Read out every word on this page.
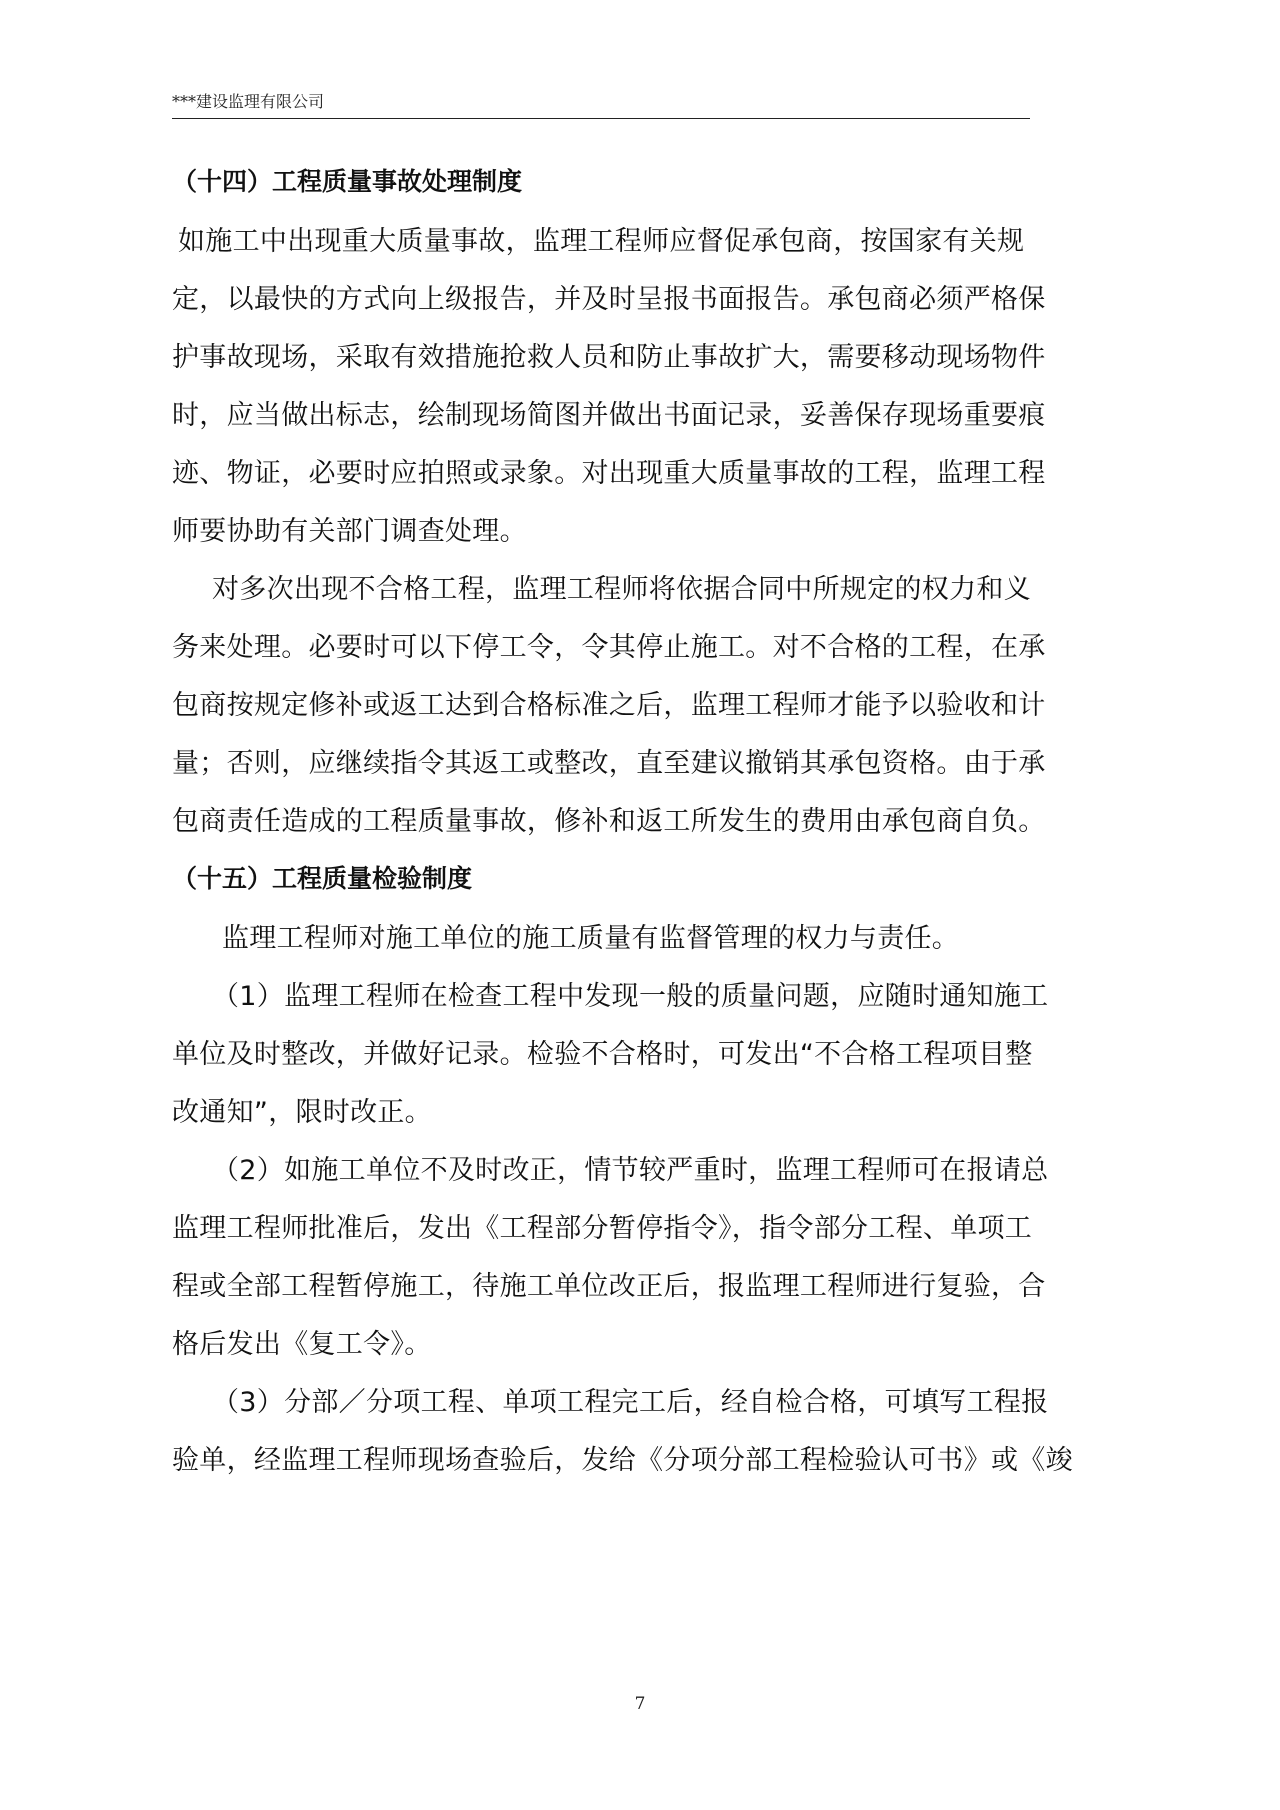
***建设监理有限公司

（十四）工程质量事故处理制度

如施工中出现重大质量事故，监理工程师应督促承包商，按国家有关规

定，以最快的方式向上级报告，并及时呈报书面报告。承包商必须严格保

护事故现场，采取有效措施抢救人员和防止事故扩大，需要移动现场物件

时，应当做出标志，绘制现场简图并做出书面记录，妥善保存现场重要痕

迹、物证，必要时应拍照或录象。对出现重大质量事故的工程，监理工程

师要协助有关部门调查处理。

对多次出现不合格工程，监理工程师将依据合同中所规定的权力和义

务来处理。必要时可以下停工令，令其停止施工。对不合格的工程，在承

包商按规定修补或返工达到合格标准之后，监理工程师才能予以验收和计

量；否则，应继续指令其返工或整改，直至建议撤销其承包资格。由于承

包商责任造成的工程质量事故，修补和返工所发生的费用由承包商自负。

（十五）工程质量检验制度

监理工程师对施工单位的施工质量有监督管理的权力与责任。

（1）监理工程师在检查工程中发现一般的质量问题，应随时通知施工

单位及时整改，并做好记录。检验不合格时，可发出“不合格工程项目整

改通知”，限时改正。

（2）如施工单位不及时改正，情节较严重时，监理工程师可在报请总

监理工程师批准后，发出《工程部分暂停指令》，指令部分工程、单项工

程或全部工程暂停施工，待施工单位改正后，报监理工程师进行复验，合

格后发出《复工令》。

（3）分部／分项工程、单项工程完工后，经自检合格，可填写工程报

验单，经监理工程师现场查验后，发给《分项分部工程检验认可书》或《竣

7
